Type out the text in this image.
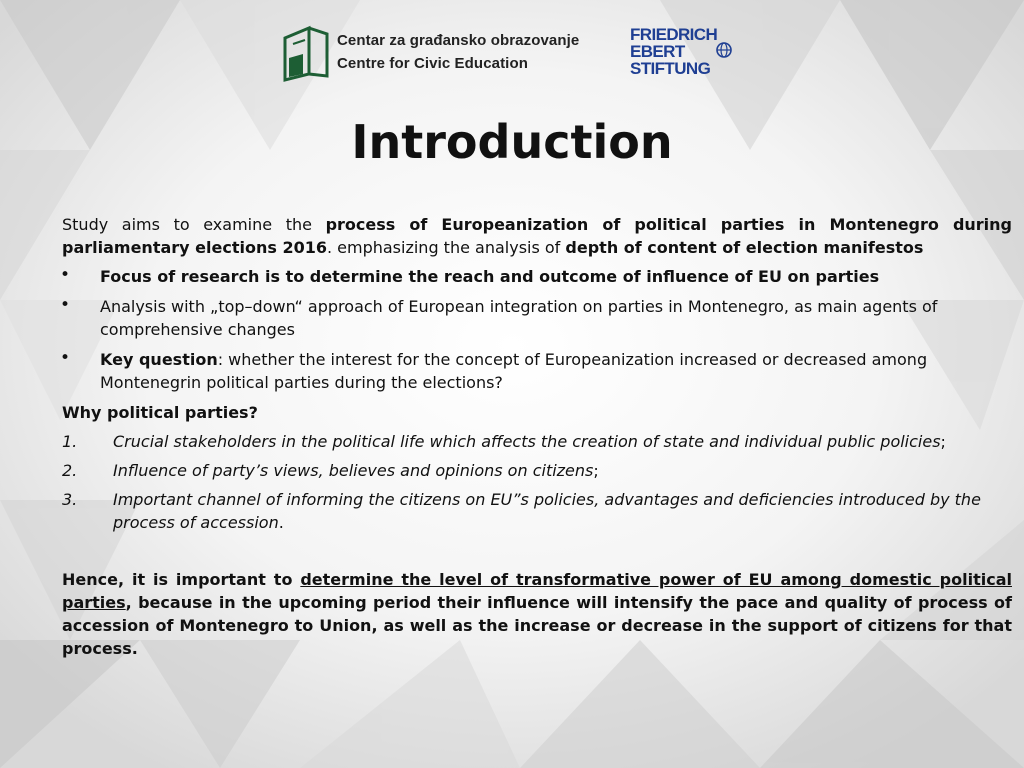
Centar za građansko obrazovanje
Centre for Civic Education
FRIEDRICH
EBERT
STIFTUNG
Introduction

Study aims to examine the process of Europeanization of political parties in Montenegro during parliamentary elections 2016. emphasizing the analysis of depth of content of election manifestos

• Focus of research is to determine the reach and outcome of influence of EU on parties
• Analysis with „top–down“ approach of European integration on parties in Montenegro, as main agents of comprehensive changes
• Key question: whether the interest for the concept of Europeanization increased or decreased among Montenegrin political parties during the elections?

Why political parties?

1. Crucial stakeholders in the political life which affects the creation of state and individual public policies;
2. Influence of party’s views, believes and opinions on citizens;
3. Important channel of informing the citizens on EU”s policies, advantages and deficiencies introduced by the process of accession.

Hence, it is important to determine the level of transformative power of EU among domestic political parties, because in the upcoming period their influence will intensify the pace and quality of process of accession of Montenegro to Union, as well as the increase or decrease in the support of citizens for that process.
